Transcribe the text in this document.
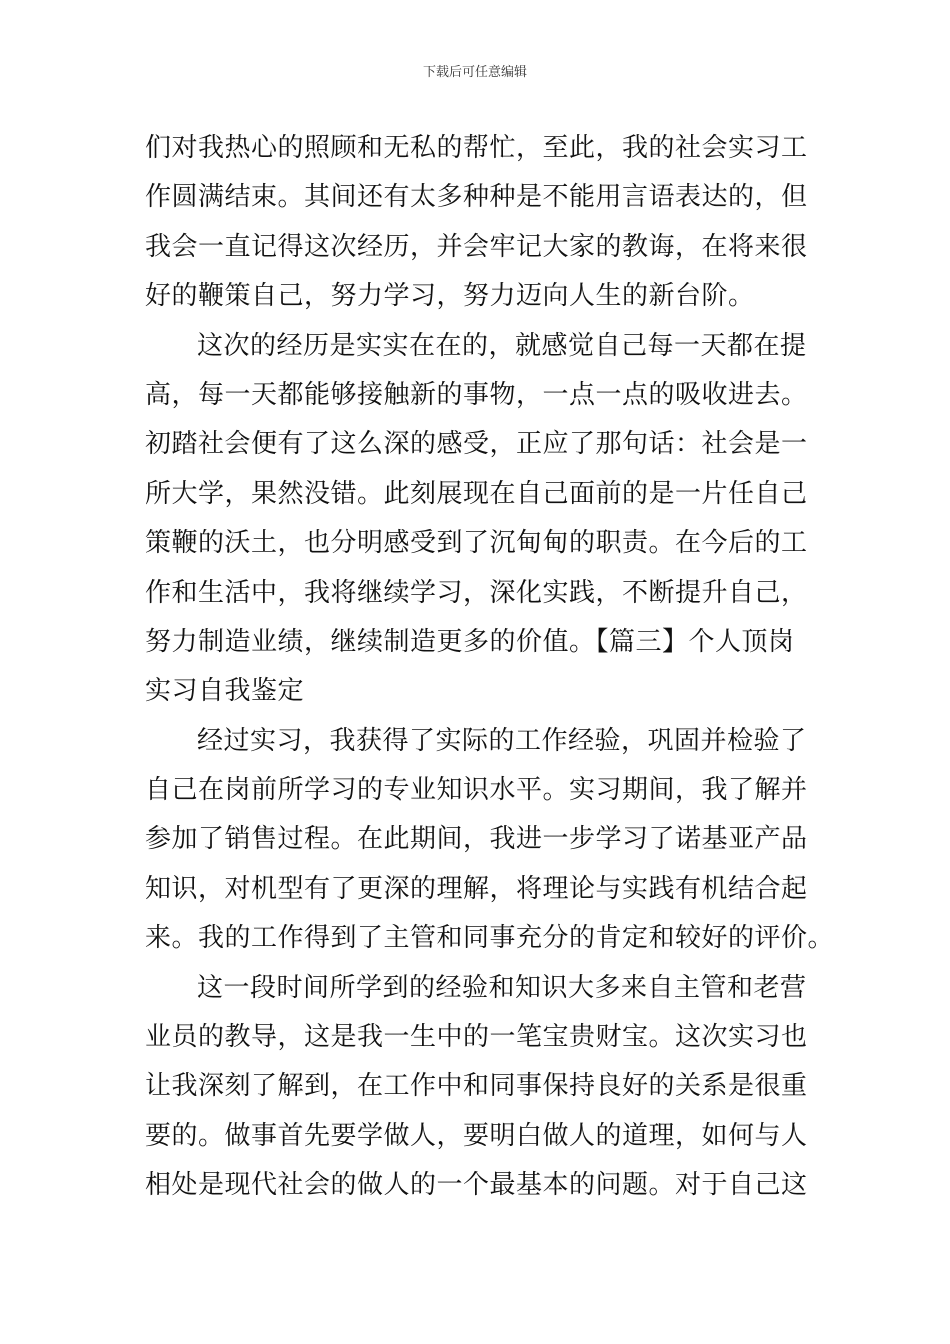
下载后可任意编辑
们对我热心的照顾和无私的帮忙，至此，我的社会实习工
作圆满结束。其间还有太多种种是不能用言语表达的，但
我会一直记得这次经历，并会牢记大家的教诲，在将来很
好的鞭策自己，努力学习，努力迈向人生的新台阶。
这次的经历是实实在在的，就感觉自己每一天都在提
高，每一天都能够接触新的事物，一点一点的吸收进去。
初踏社会便有了这么深的感受，正应了那句话：社会是一
所大学，果然没错。此刻展现在自己面前的是一片任自己
策鞭的沃土，也分明感受到了沉甸甸的职责。在今后的工
作和生活中，我将继续学习，深化实践，不断提升自己，
努力制造业绩，继续制造更多的价值。【篇三】个人顶岗
实习自我鉴定
经过实习，我获得了实际的工作经验，巩固并检验了
自己在岗前所学习的专业知识水平。实习期间，我了解并
参加了销售过程。在此期间，我进一步学习了诺基亚产品
知识，对机型有了更深的理解，将理论与实践有机结合起
来。我的工作得到了主管和同事充分的肯定和较好的评价。
这一段时间所学到的经验和知识大多来自主管和老营
业员的教导，这是我一生中的一笔宝贵财宝。这次实习也
让我深刻了解到，在工作中和同事保持良好的关系是很重
要的。做事首先要学做人，要明白做人的道理，如何与人
相处是现代社会的做人的一个最基本的问题。对于自己这
